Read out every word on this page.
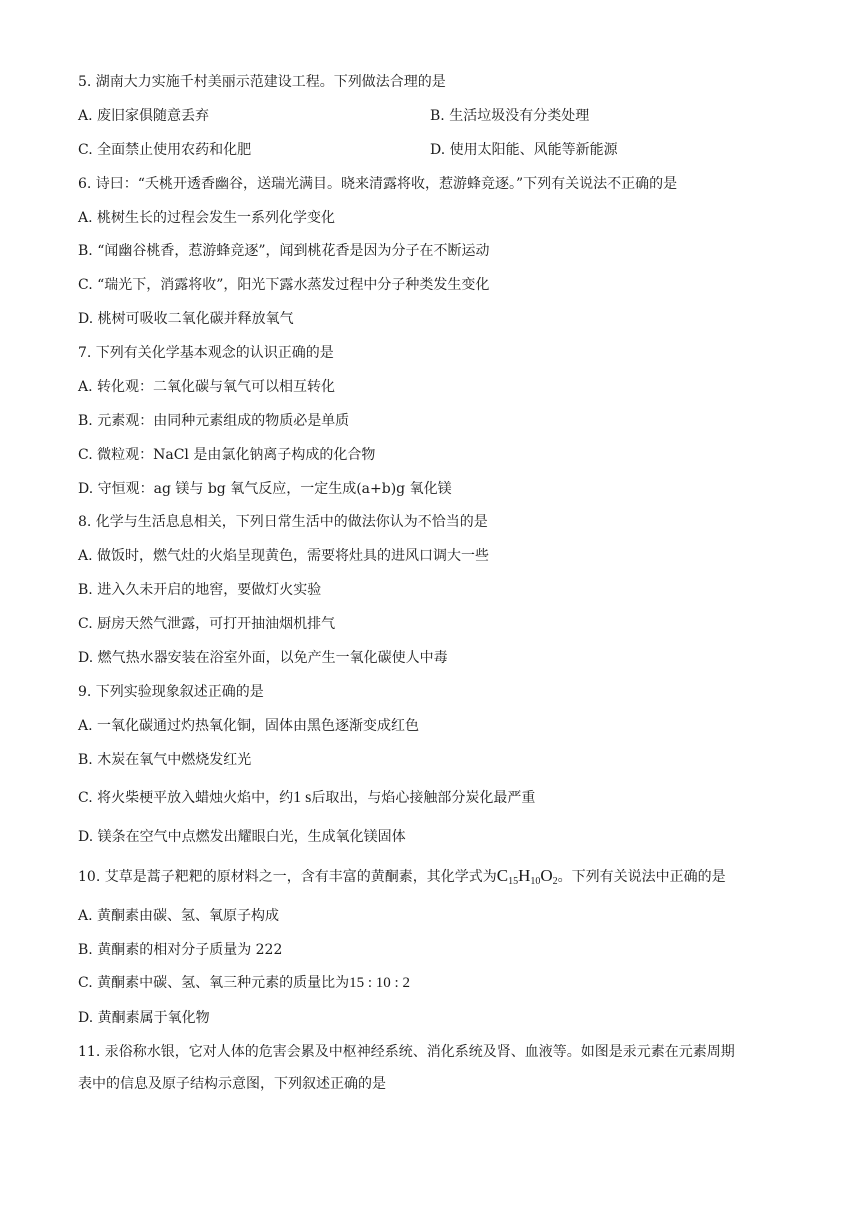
5. 湖南大力实施千村美丽示范建设工程。下列做法合理的是
A. 废旧家俱随意丢弃	B. 生活垃圾没有分类处理
C. 全面禁止使用农药和化肥	D. 使用太阳能、风能等新能源
6. 诗曰：“夭桃开透香幽谷，送瑞光满目。晓来清露将收，惹游蜂竞逐。”下列有关说法不正确的是
A. 桃树生长的过程会发生一系列化学变化
B. “闻幽谷桃香，惹游蜂竞逐”，闻到桃花香是因为分子在不断运动
C. “瑞光下，消露将收”，阳光下露水蒸发过程中分子种类发生变化
D. 桃树可吸收二氧化碳并释放氧气
7. 下列有关化学基本观念的认识正确的是
A. 转化观：二氧化碳与氧气可以相互转化
B. 元素观：由同种元素组成的物质必是单质
C. 微粒观：NaCl 是由氯化钠离子构成的化合物
D. 守恒观：ag 镁与 bg 氧气反应，一定生成(a+b)g 氧化镁
8. 化学与生活息息相关，下列日常生活中的做法你认为不恰当的是
A. 做饭时，燃气灶的火焰呈现黄色，需要将灶具的进风口调大一些
B. 进入久未开启的地窖，要做灯火实验
C. 厨房天然气泄露，可打开抽油烟机排气
D. 燃气热水器安装在浴室外面，以免产生一氧化碳使人中毒
9. 下列实验现象叙述正确的是
A. 一氧化碳通过灼热氧化铜，固体由黑色逐渐变成红色
B. 木炭在氧气中燃烧发红光
C. 将火柴梗平放入蜡烛火焰中，约1 s后取出，与焰心接触部分炭化最严重
D. 镁条在空气中点燃发出耀眼白光，生成氧化镁固体
10. 艾草是蒿子粑粑的原材料之一，含有丰富的黄酮素，其化学式为$C_{15}H_{10}O_2$。下列有关说法中正确的是
A. 黄酮素由碳、氢、氧原子构成
B. 黄酮素的相对分子质量为 222
C. 黄酮素中碳、氢、氧三种元素的质量比为15 : 10 : 2
D. 黄酮素属于氧化物
11. 汞俗称水银，它对人体的危害会累及中枢神经系统、消化系统及肾、血液等。如图是汞元素在元素周期
表中的信息及原子结构示意图，下列叙述正确的是
